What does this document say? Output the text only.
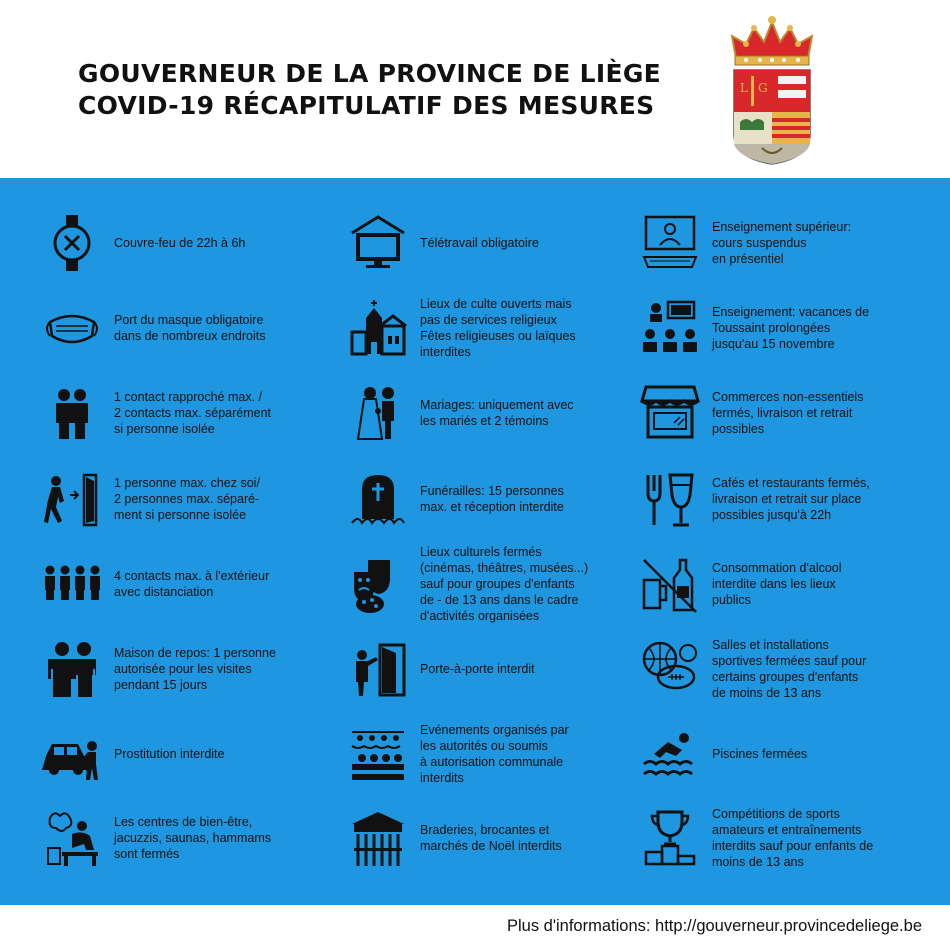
GOUVERNEUR DE LA PROVINCE DE LIÈGE
COVID-19 RÉCAPITULATIF DES MESURES
L G
Couvre-feu de 22h à 6h
Port du masque obligatoire
dans de nombreux endroits
1 contact rapproché max. /
2 contacts max. séparément
si personne isolée
1 personne max. chez soi/
2 personnes max. séparé-
ment si personne isolée
4 contacts max. à l'extérieur
avec distanciation
Maison de repos: 1 personne
autorisée pour les visites
pendant 15 jours
Prostitution interdite
Les centres de bien-être,
jacuzzis, saunas, hammams
sont fermés
Télétravail obligatoire
Lieux de culte ouverts mais
pas de services religieux
Fêtes religieuses ou laïques
interdites
Mariages: uniquement avec
les mariés et 2 témoins
Funérailles: 15 personnes
max. et réception interdite
Lieux culturels fermés
(cinémas, théâtres, musées...)
sauf pour groupes d'enfants
de - de 13 ans dans le cadre
d'activités organisées
Porte-à-porte interdit
Evénements organisés par
les autorités ou soumis
à autorisation communale
interdits
Braderies, brocantes et
marchés de Noël interdits
Enseignement supérieur:
cours suspendus
en présentiel
Enseignement: vacances de
Toussaint prolongées
jusqu'au 15 novembre
Commerces non-essentiels
fermés, livraison et retrait
possibles
Cafés et restaurants fermés,
livraison et retrait sur place
possibles jusqu'à 22h
Consommation d'alcool
interdite dans les lieux
publics
Salles et installations
sportives fermées sauf pour
certains groupes d'enfants
de moins de 13 ans
Piscines fermées
Compétitions de sports
amateurs et entraînements
interdits sauf pour enfants de
moins de 13 ans
Plus d'informations: http://gouverneur.provincedeliege.be
